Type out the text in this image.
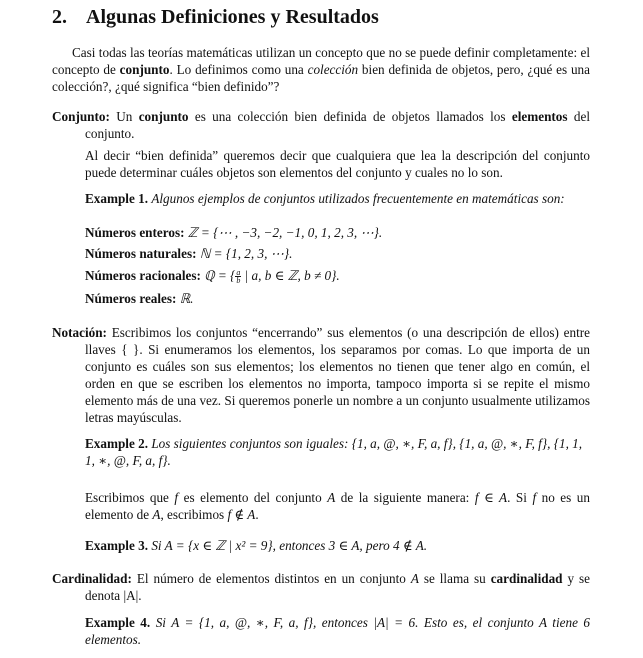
2. Algunas Definiciones y Resultados
Casi todas las teorías matemáticas utilizan un concepto que no se puede definir completamente: el concepto de conjunto. Lo definimos como una colección bien definida de objetos, pero, ¿qué es una colección?, ¿qué significa “bien definido”?
Conjunto: Un conjunto es una colección bien definida de objetos llamados los elementos del conjunto.
Al decir “bien definida” queremos decir que cualquiera que lea la descripción del conjunto puede determinar cuáles objetos son elementos del conjunto y cuales no lo son.
Example 1. Algunos ejemplos de conjuntos utilizados frecuentemente en matemáticas son:
Números enteros: ℤ = {⋯ , −3, −2, −1, 0, 1, 2, 3, ⋯}.
Números naturales: ℕ = {1, 2, 3, ⋯}.
Números racionales: ℚ = { $\frac{a}{b}$ | a, b ∈ ℤ, b ≠ 0}.
Números reales: ℝ.
Notación: Escribimos los conjuntos “encerrando” sus elementos (o una descripción de ellos) entre llaves { }. Si enumeramos los elementos, los separamos por comas. Lo que importa de un conjunto es cuáles son sus elementos; los elementos no tienen que tener algo en común, el orden en que se escriben los elementos no importa, tampoco importa si se repite el mismo elemento más de una vez. Si queremos ponerle un nombre a un conjunto usualmente utilizamos letras mayúsculas.
Example 2. Los siguientes conjuntos son iguales: {1, a, @, ∗, F, a, f}, {1, a, @, ∗, F, f}, {1, 1, 1, ∗, @, F, a, f}.
Escribimos que f es elemento del conjunto A de la siguiente manera: f ∈ A. Si f no es un elemento de A, escribimos f ∉ A.
Example 3. Si A = {x ∈ ℤ | x² = 9}, entonces 3 ∈ A, pero 4 ∉ A.
Cardinalidad: El número de elementos distintos en un conjunto A se llama su cardinalidad y se denota |A|.
Example 4. Si A = {1, a, @, ∗, F, a, f}, entonces |A| = 6. Esto es, el conjunto A tiene 6 elementos.
